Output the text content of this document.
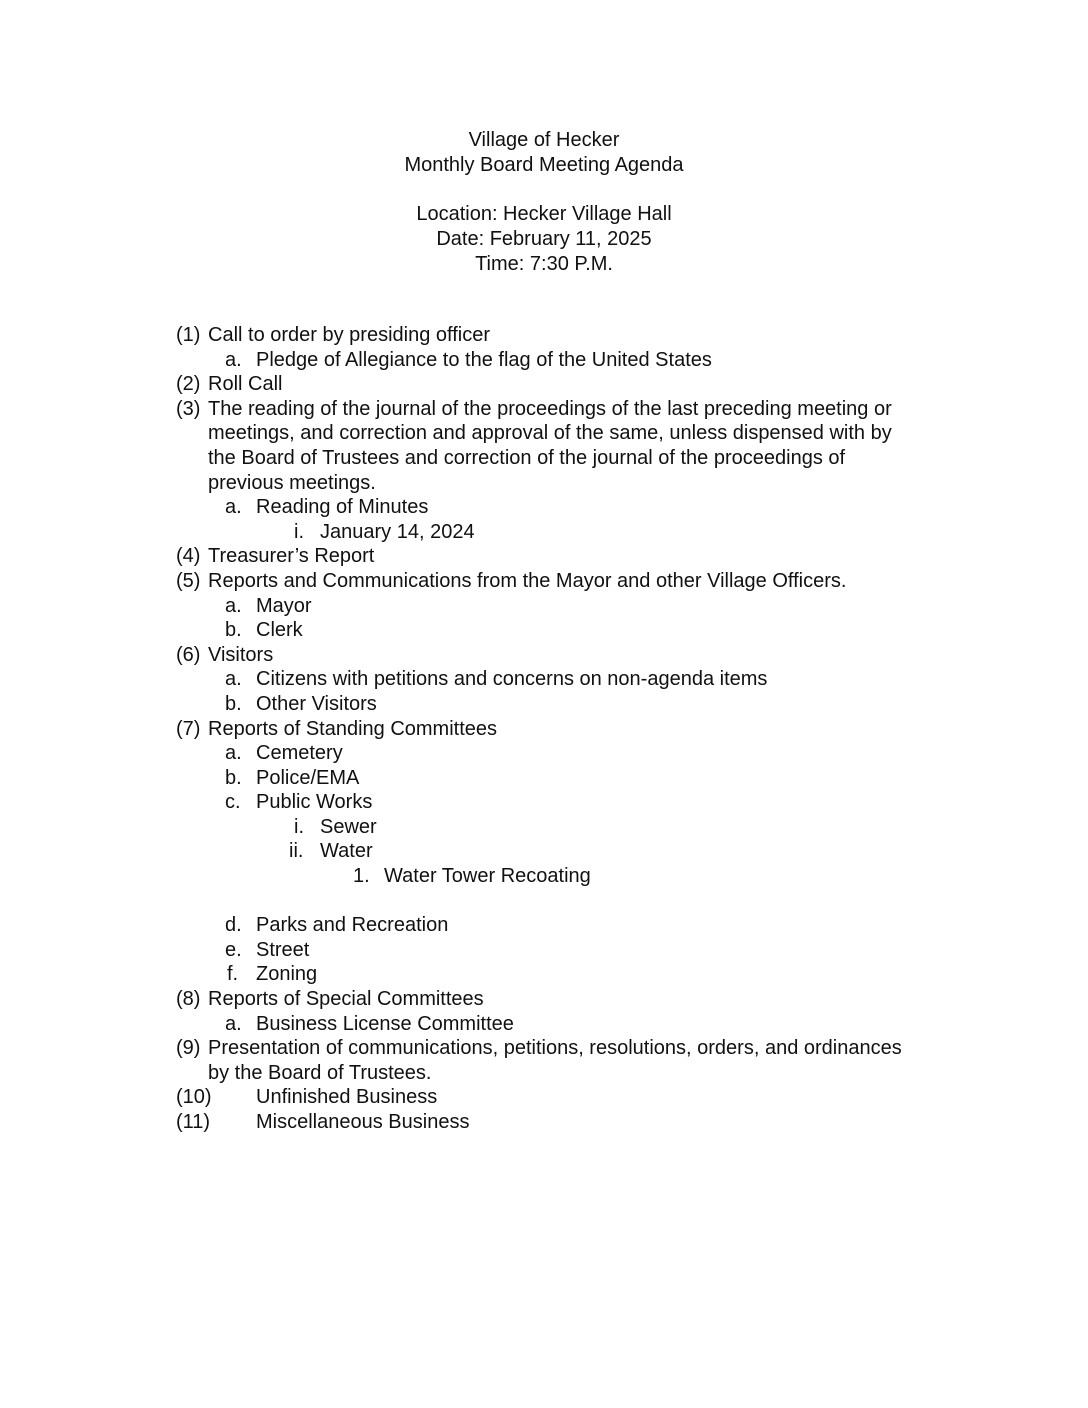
Village of Hecker
Monthly Board Meeting Agenda
Location: Hecker Village Hall
Date: February 11, 2025
Time: 7:30 P.M.
(1) Call to order by presiding officer
a. Pledge of Allegiance to the flag of the United States
(2) Roll Call
(3) The reading of the journal of the proceedings of the last preceding meeting or
meetings, and correction and approval of the same, unless dispensed with by
the Board of Trustees and correction of the journal of the proceedings of
previous meetings.
a. Reading of Minutes
i. January 14, 2024
(4) Treasurer’s Report
(5) Reports and Communications from the Mayor and other Village Officers.
a. Mayor
b. Clerk
(6) Visitors
a. Citizens with petitions and concerns on non-agenda items
b. Other Visitors
(7) Reports of Standing Committees
a. Cemetery
b. Police/EMA
c. Public Works
i. Sewer
ii. Water
1. Water Tower Recoating
d. Parks and Recreation
e. Street
f. Zoning
(8) Reports of Special Committees
a. Business License Committee
(9) Presentation of communications, petitions, resolutions, orders, and ordinances
by the Board of Trustees.
(10) Unfinished Business
(11) Miscellaneous Business
